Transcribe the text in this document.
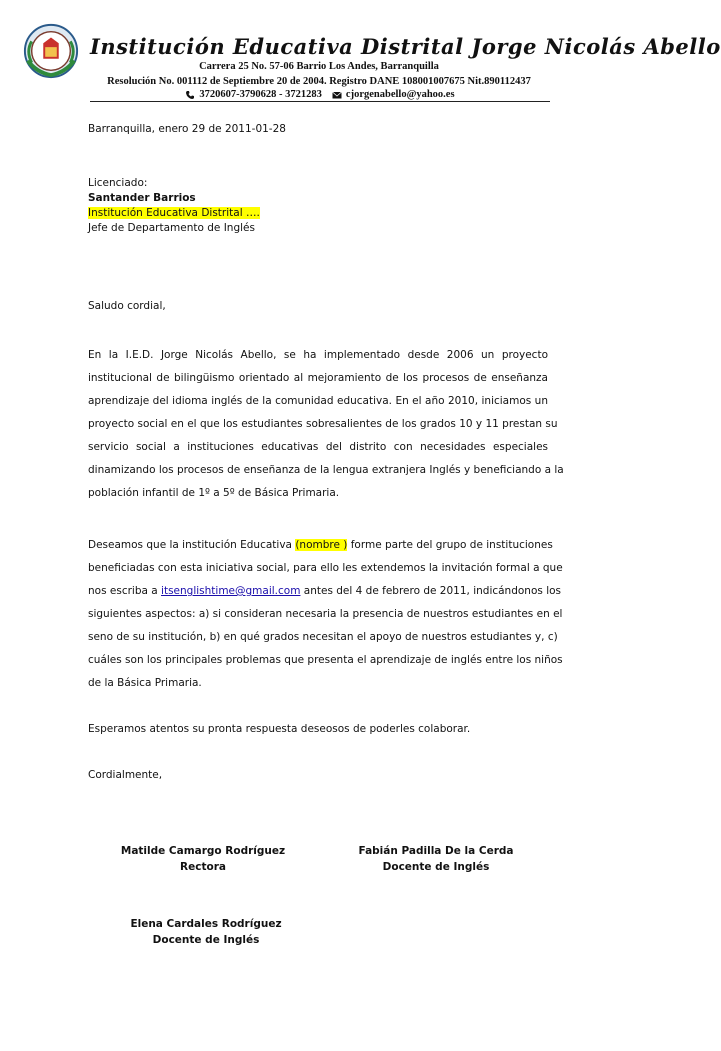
Institución Educativa Distrital Jorge Nicolás Abello
Carrera 25 No. 57-06 Barrio Los Andes, Barranquilla
Resolución No. 001112 de Septiembre 20 de 2004. Registro DANE 108001007675 Nit.890112437
3720607-3790628 - 3721283 cjorgenabello@yahoo.es
Barranquilla, enero 29 de 2011-01-28
Licenciado:
Santander Barrios
Institución Educativa Distrital ….
Jefe de Departamento de Inglés
Saludo cordial,
En la I.E.D. Jorge Nicolás Abello, se ha implementado desde 2006 un proyecto
institucional de bilingüismo orientado al mejoramiento de los procesos de enseñanza
aprendizaje del idioma inglés de la comunidad educativa. En el año 2010, iniciamos un
proyecto social en el que los estudiantes sobresalientes de los grados 10 y 11 prestan su
servicio social a instituciones educativas del distrito con necesidades especiales
dinamizando los procesos de enseñanza de la lengua extranjera Inglés y beneficiando a la
población infantil de 1º a 5º de Básica Primaria.
Deseamos que la institución Educativa (nombre ) forme parte del grupo de instituciones
beneficiadas con esta iniciativa social, para ello les extendemos la invitación formal a que
nos escriba a itsenglishtime@gmail.com antes del 4 de febrero de 2011, indicándonos los
siguientes aspectos: a) si consideran necesaria la presencia de nuestros estudiantes en el
seno de su institución, b) en qué grados necesitan el apoyo de nuestros estudiantes y, c)
cuáles son los principales problemas que presenta el aprendizaje de inglés entre los niños
de la Básica Primaria.
Esperamos atentos su pronta respuesta deseosos de poderles colaborar.
Cordialmente,
Matilde Camargo Rodríguez
Rectora
Fabián Padilla De la Cerda
Docente de Inglés
Elena Cardales Rodríguez
Docente de Inglés
